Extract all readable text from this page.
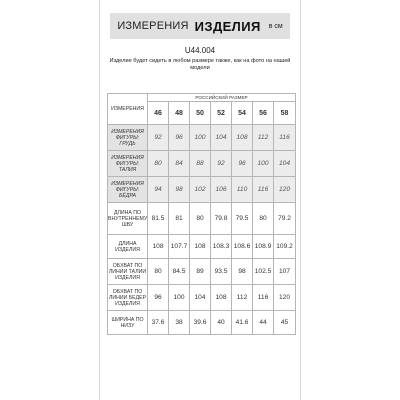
ИЗМЕРЕНИЯ ИЗДЕЛИЯ в см
U44.004
Изделие будет сидеть в любом размере также, как на фото на нашей модели
ИЗМЕРЕНИЯ	РОССИЙСКИЙ РАЗМЕР						
	46	48	50	52	54	56	58
ИЗМЕРЕНИЯ ФИГУРЫ: ГРУДЬ	92	96	100	104	108	112	116
ИЗМЕРЕНИЯ ФИГУРЫ: ТАЛИЯ	80	84	88	92	96	100	104
ИЗМЕРЕНИЯ ФИГУРЫ: БЁДРА	94	98	102	106	110	116	120
ДЛИНА ПО ВНУТРЕННЕМУ ШВУ	81.5	81	80	79.8	79.5	80	79.2
ДЛИНА ИЗДЕЛИЯ	108	107.7	108	108.3	108.6	108.9	109.2
ОБХВАТ ПО ЛИНИИ ТАЛИИ ИЗДЕЛИЯ	80	84.5	89	93.5	98	102.5	107
ОБХВАТ ПО ЛИНИИ БЕДЕР ИЗДЕЛИЯ	96	100	104	108	112	116	120
ШИРИНА ПО НИЗУ	37.6	38	39.6	40	41.6	44	45
